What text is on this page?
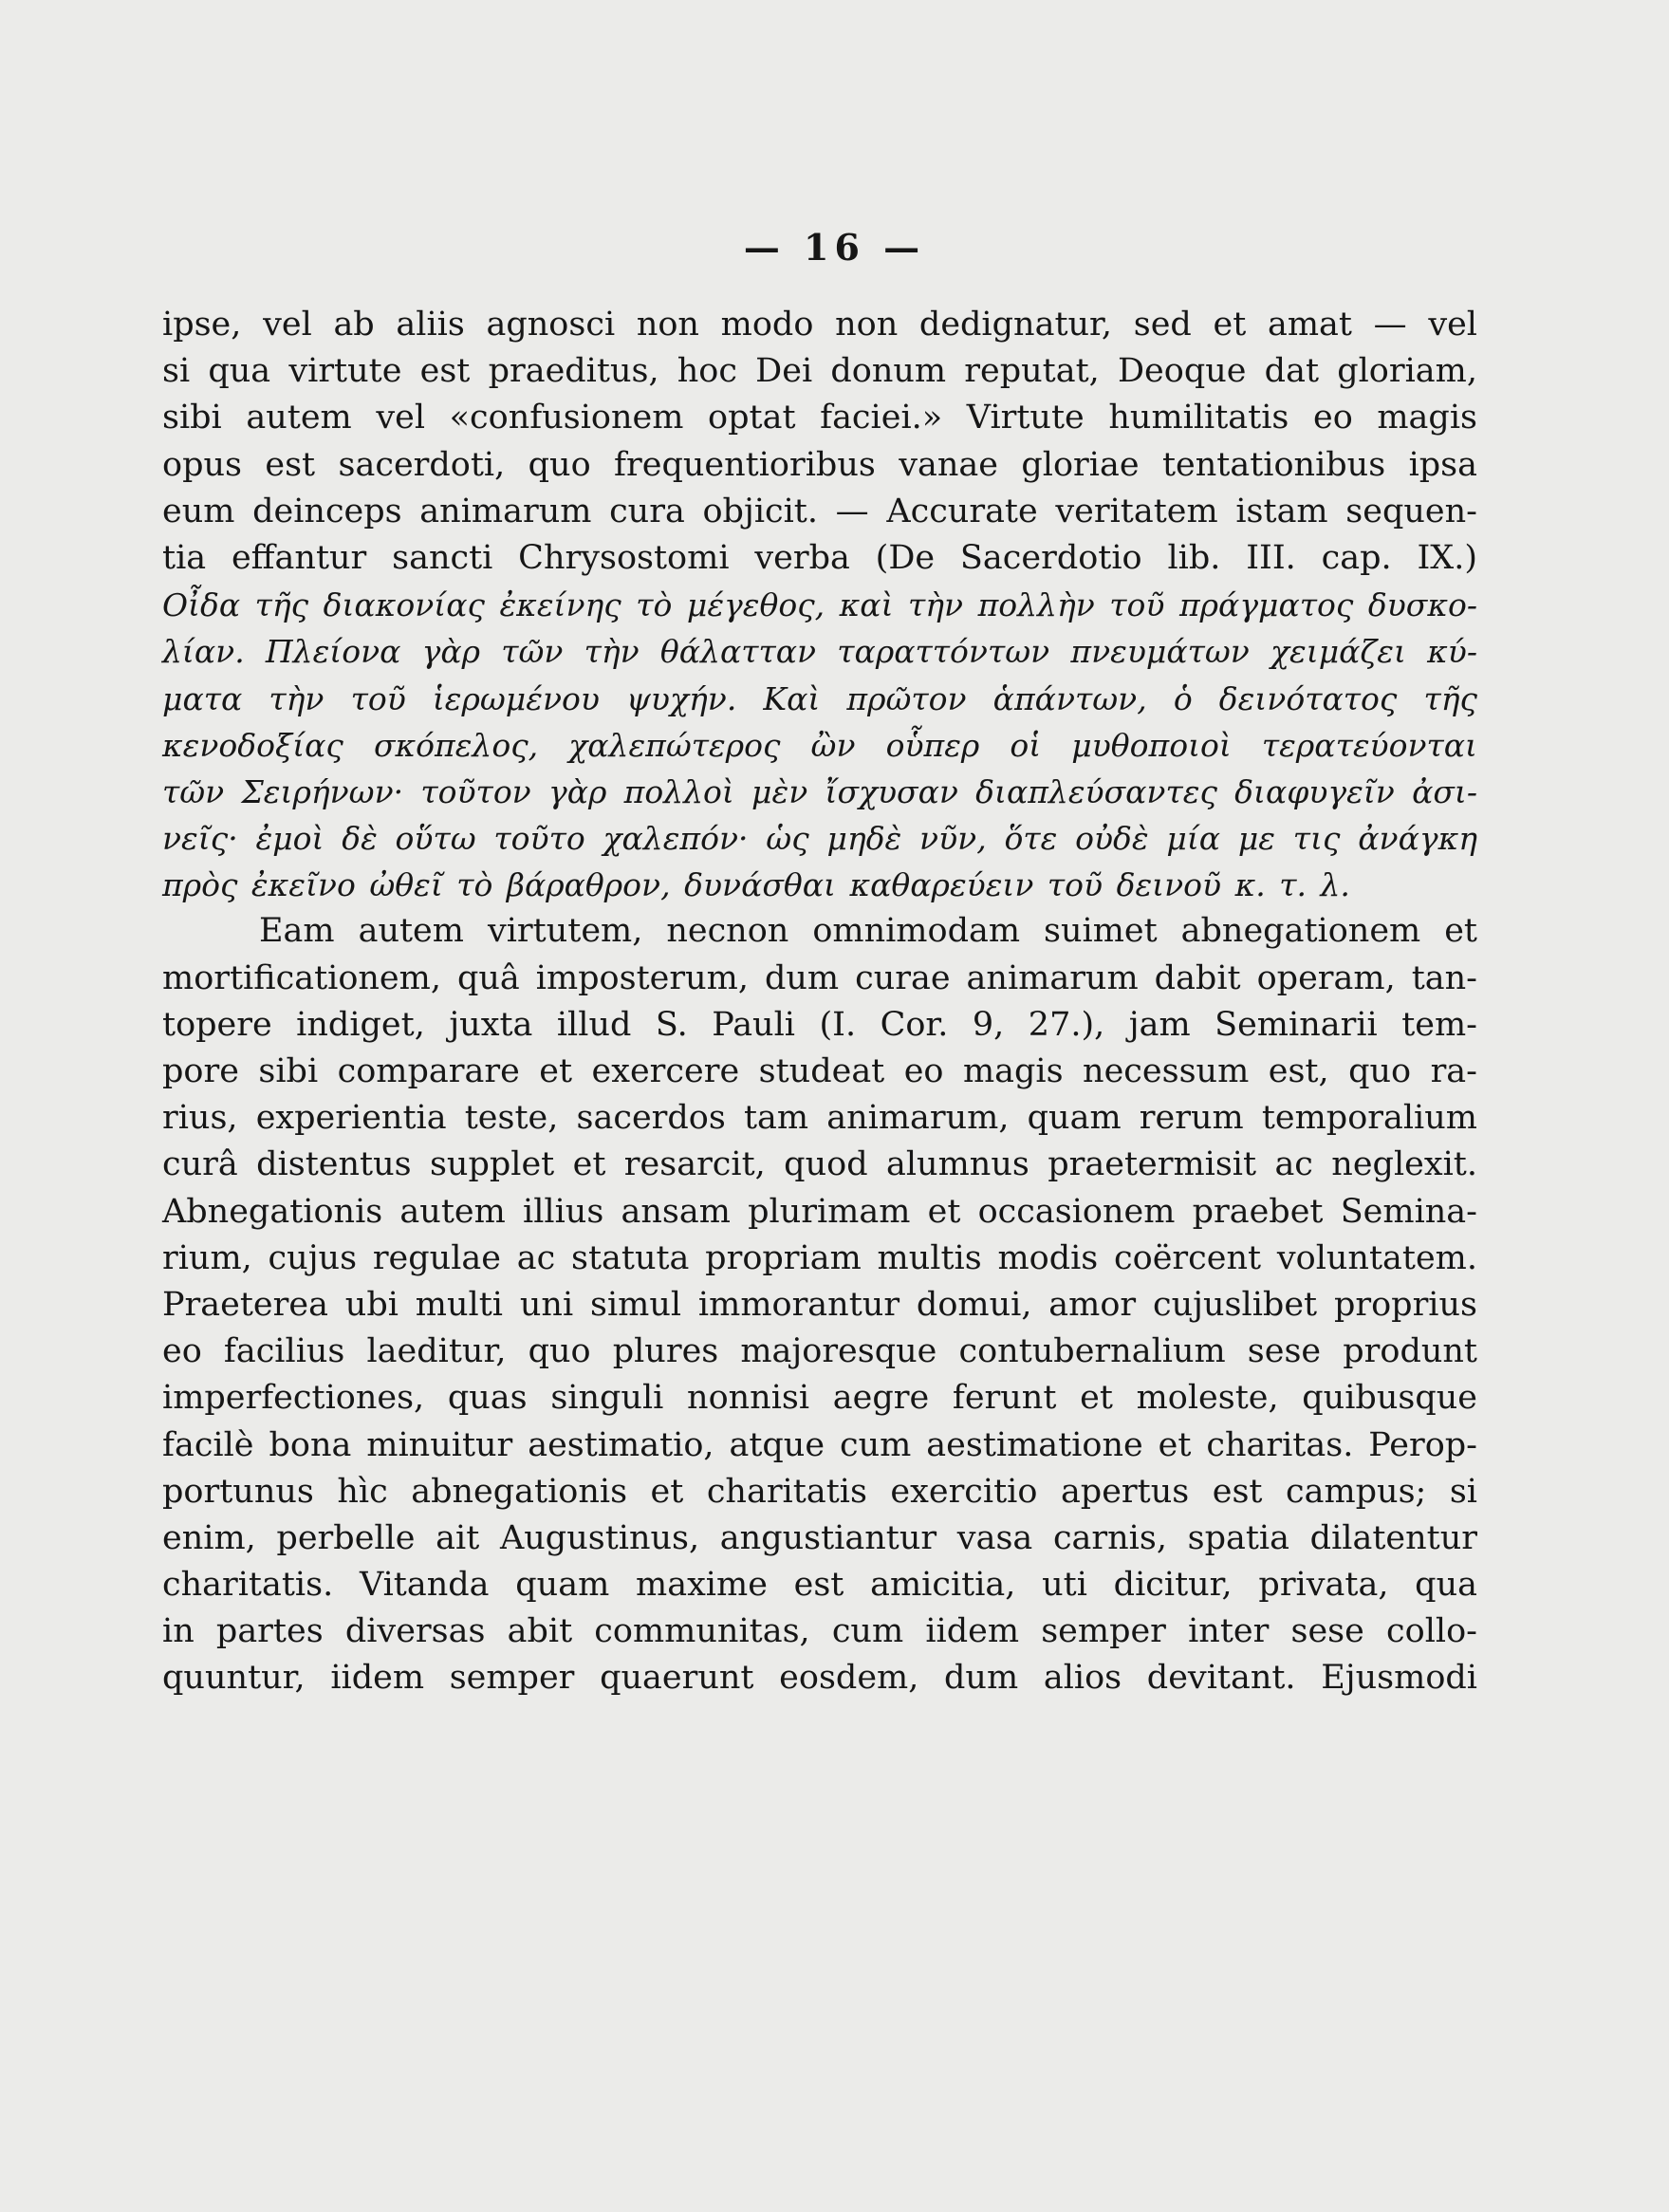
— 16 —
ipse, vel ab aliis agnosci non modo non dedignatur, sed et amat — vel
si qua virtute est praeditus, hoc Dei donum reputat, Deoque dat gloriam,
sibi autem vel «confusionem optat faciei.» Virtute humilitatis eo magis
opus est sacerdoti, quo frequentioribus vanae gloriae tentationibus ipsa
eum deinceps animarum cura objicit. — Accurate veritatem istam sequen-
tia effantur sancti Chrysostomi verba (De Sacerdotio lib. III. cap. IX.)
Οἶδα τῆς διακονίας ἐκείνης τὸ μέγεθος, καὶ τὴν πολλὴν τοῦ πράγματος δυσκο-
λίαν. Πλείονα γὰρ τῶν τὴν θάλατταν ταραττόντων πνευμάτων χειμάζει κύ-
ματα τὴν τοῦ ἱερωμένου ψυχήν. Καὶ πρῶτον ἁπάντων, ὁ δεινότατος τῆς
κενοδοξίας σκόπελος, χαλεπώτερος ὢν οὗπερ οἱ μυθοποιοὶ τερατεύονται
τῶν Σειρήνων· τοῦτον γὰρ πολλοὶ μὲν ἴσχυσαν διαπλεύσαντες διαφυγεῖν ἀσι-
νεῖς· ἐμοὶ δὲ οὕτω τοῦτο χαλεπόν· ὡς μηδὲ νῦν, ὅτε οὐδὲ μία με τις ἀνάγκη
πρὸς ἐκεῖνο ὠθεῖ τὸ βάραθρον, δυνάσθαι καθαρεύειν τοῦ δεινοῦ κ. τ. λ.
Eam autem virtutem, necnon omnimodam suimet abnegationem et
mortificationem, quâ imposterum, dum curae animarum dabit operam, tan-
topere indiget, juxta illud S. Pauli (I. Cor. 9, 27.), jam Seminarii tem-
pore sibi comparare et exercere studeat eo magis necessum est, quo ra-
rius, experientia teste, sacerdos tam animarum, quam rerum temporalium
curâ distentus supplet et resarcit, quod alumnus praetermisit ac neglexit.
Abnegationis autem illius ansam plurimam et occasionem praebet Semina-
rium, cujus regulae ac statuta propriam multis modis coërcent voluntatem.
Praeterea ubi multi uni simul immorantur domui, amor cujuslibet proprius
eo facilius laeditur, quo plures majoresque contubernalium sese produnt
imperfectiones, quas singuli nonnisi aegre ferunt et moleste, quibusque
facilè bona minuitur aestimatio, atque cum aestimatione et charitas. Perop-
portunus hìc abnegationis et charitatis exercitio apertus est campus; si
enim, perbelle ait Augustinus, angustiantur vasa carnis, spatia dilatentur
charitatis. Vitanda quam maxime est amicitia, uti dicitur, privata, qua
in partes diversas abit communitas, cum iidem semper inter sese collo-
quuntur, iidem semper quaerunt eosdem, dum alios devitant. Ejusmodi
